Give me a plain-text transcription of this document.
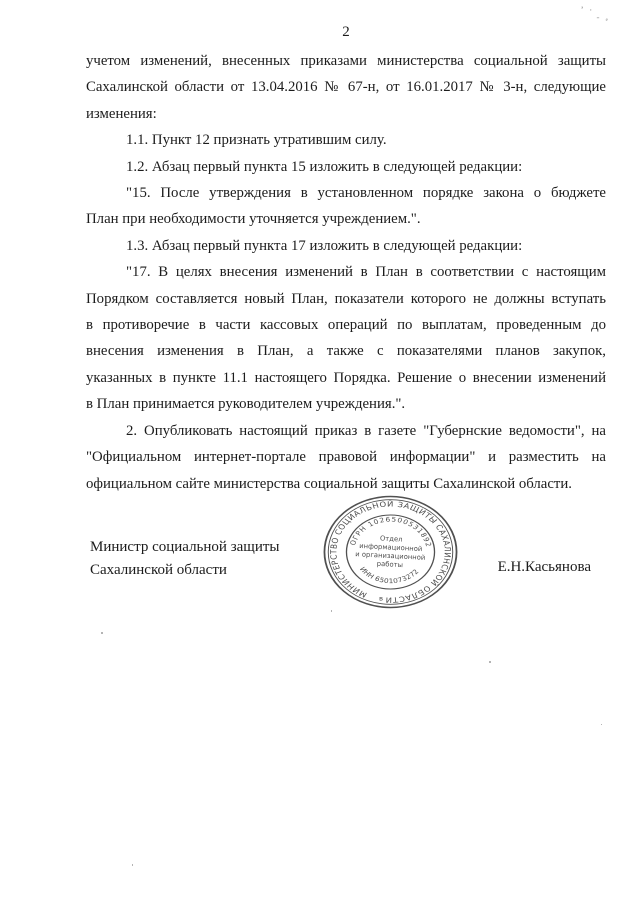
’ · - ₑ
2
учетом изменений, внесенных приказами министерства социальной защиты
Сахалинской области от 13.04.2016 № 67-н, от 16.01.2017 № 3-н, следующие
изменения:
1.1. Пункт 12 признать утратившим силу.
1.2. Абзац первый пункта 15 изложить в следующей редакции:
"15. После утверждения в установленном порядке закона о бюджете
План при необходимости уточняется учреждением.".
1.3. Абзац первый пункта 17 изложить в следующей редакции:
"17. В целях внесения изменений в План в соответствии с настоящим
Порядком составляется новый План, показатели которого не должны вступать
в противоречие в части кассовых операций по выплатам, проведенным до
внесения изменения в План, а также с показателями планов закупок,
указанных в пункте 11.1 настоящего Порядка. Решение о внесении изменений
в План принимается руководителем учреждения.".
2. Опубликовать настоящий приказ в газете "Губернские ведомости", на
"Официальном интернет-портале правовой информации" и разместить на
официальном сайте министерства социальной защиты Сахалинской области.
Министр социальной защиты
Сахалинской области	Е.Н.Касьянова
МИНИСТЕРСТВО СОЦИАЛЬНОЙ ЗАЩИТЫ САХАЛИНСКОЙ ОБЛАСТИ
ОГРН 1026500531892
ИНН 6501073272
в
Отдел
информационной
и организационной
работы
